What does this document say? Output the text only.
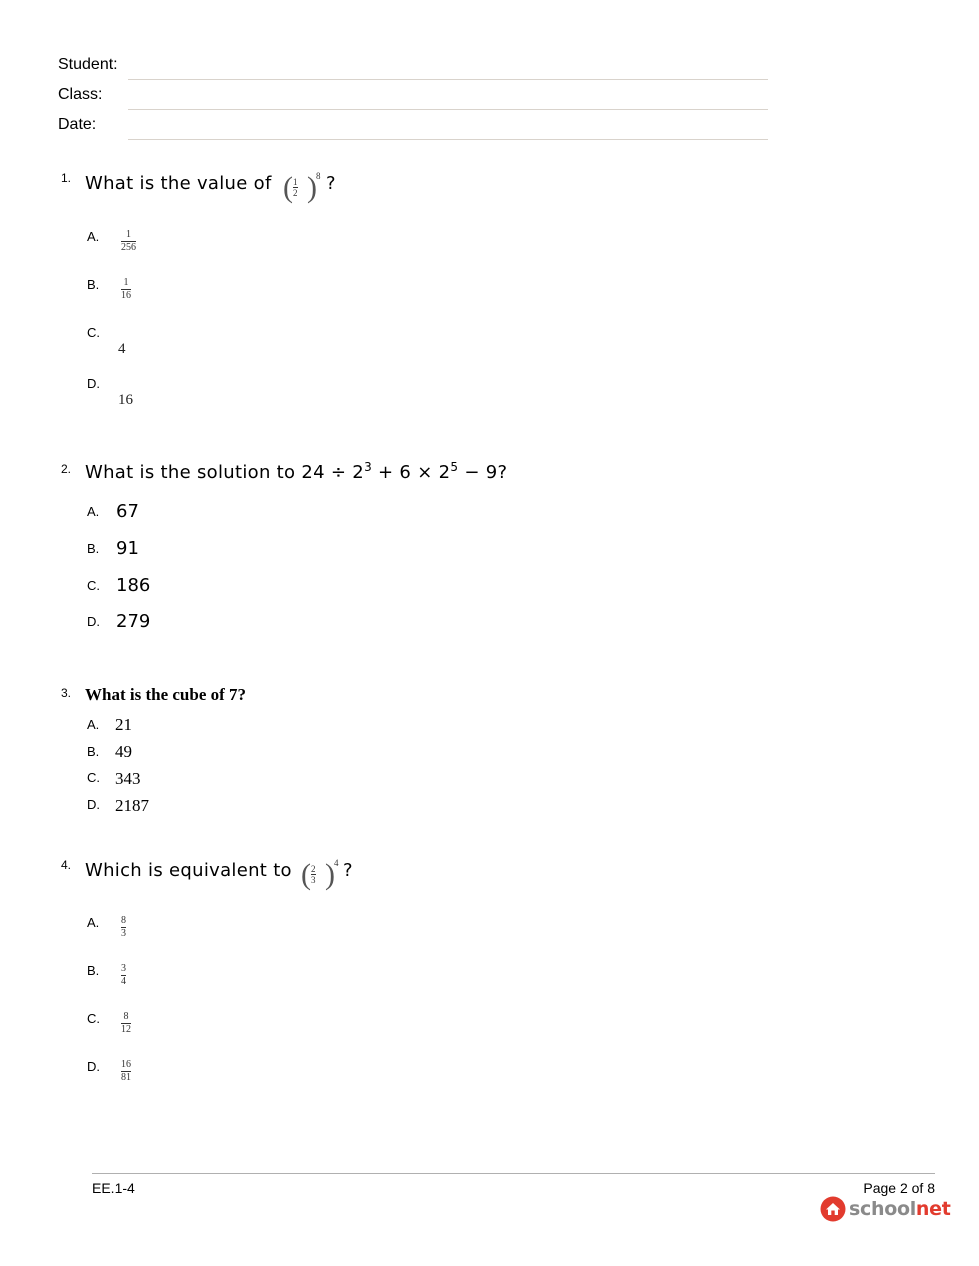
Student:
Class:
Date:
1. What is the value of ( 1
2 ) 8 ?
A.	1
256
B. 1
16
C.
4
D.
16
2. What is the solution to $24 \div 2^3 + 6 \times 2^5 - 9$?
A. 67
B. 91
C. 186
D. 279
3. What is the cube of 7?
A. 21
B. 49
C. 343
D. 2187
4. Which is equivalent to ( 2
3 ) 4 ?
A. 8
3
B. 3
4
C. 8
12
D. 16
81
EE.1-4	Page 2 of 8
schoolnet
